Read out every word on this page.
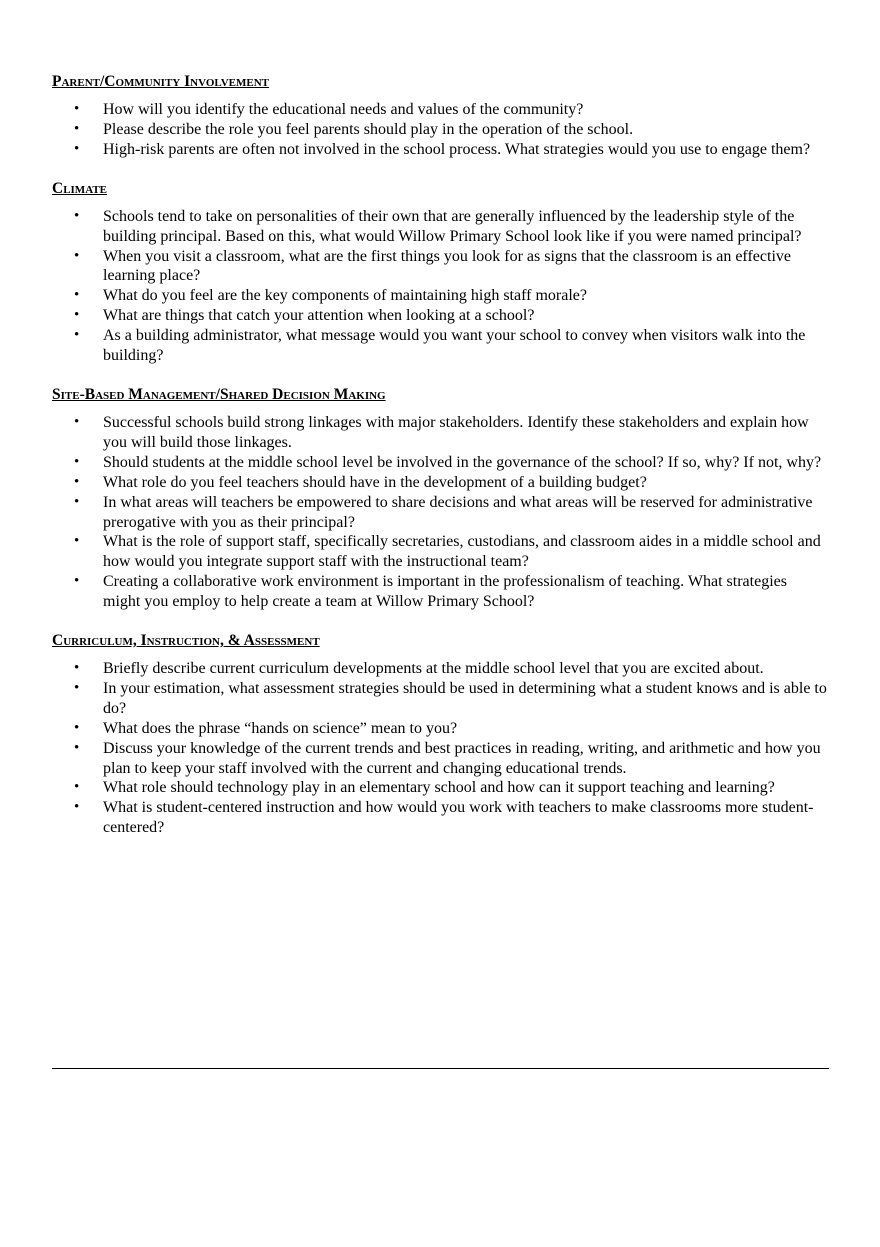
Parent/Community Involvement
• How will you identify the educational needs and values of the community?
• Please describe the role you feel parents should play in the operation of the school.
• High-risk parents are often not involved in the school process. What strategies would you use to engage them?
Climate
• Schools tend to take on personalities of their own that are generally influenced by the leadership style of the building principal. Based on this, what would Willow Primary School look like if you were named principal?
• When you visit a classroom, what are the first things you look for as signs that the classroom is an effective learning place?
• What do you feel are the key components of maintaining high staff morale?
• What are things that catch your attention when looking at a school?
• As a building administrator, what message would you want your school to convey when visitors walk into the building?
Site-Based Management/Shared Decision Making
• Successful schools build strong linkages with major stakeholders. Identify these stakeholders and explain how you will build those linkages.
• Should students at the middle school level be involved in the governance of the school? If so, why? If not, why?
• What role do you feel teachers should have in the development of a building budget?
• In what areas will teachers be empowered to share decisions and what areas will be reserved for administrative prerogative with you as their principal?
• What is the role of support staff, specifically secretaries, custodians, and classroom aides in a middle school and how would you integrate support staff with the instructional team?
• Creating a collaborative work environment is important in the professionalism of teaching. What strategies might you employ to help create a team at Willow Primary School?
Curriculum, Instruction, & Assessment
• Briefly describe current curriculum developments at the middle school level that you are excited about.
• In your estimation, what assessment strategies should be used in determining what a student knows and is able to do?
• What does the phrase “hands on science” mean to you?
• Discuss your knowledge of the current trends and best practices in reading, writing, and arithmetic and how you plan to keep your staff involved with the current and changing educational trends.
• What role should technology play in an elementary school and how can it support teaching and learning?
• What is student-centered instruction and how would you work with teachers to make classrooms more student-centered?
